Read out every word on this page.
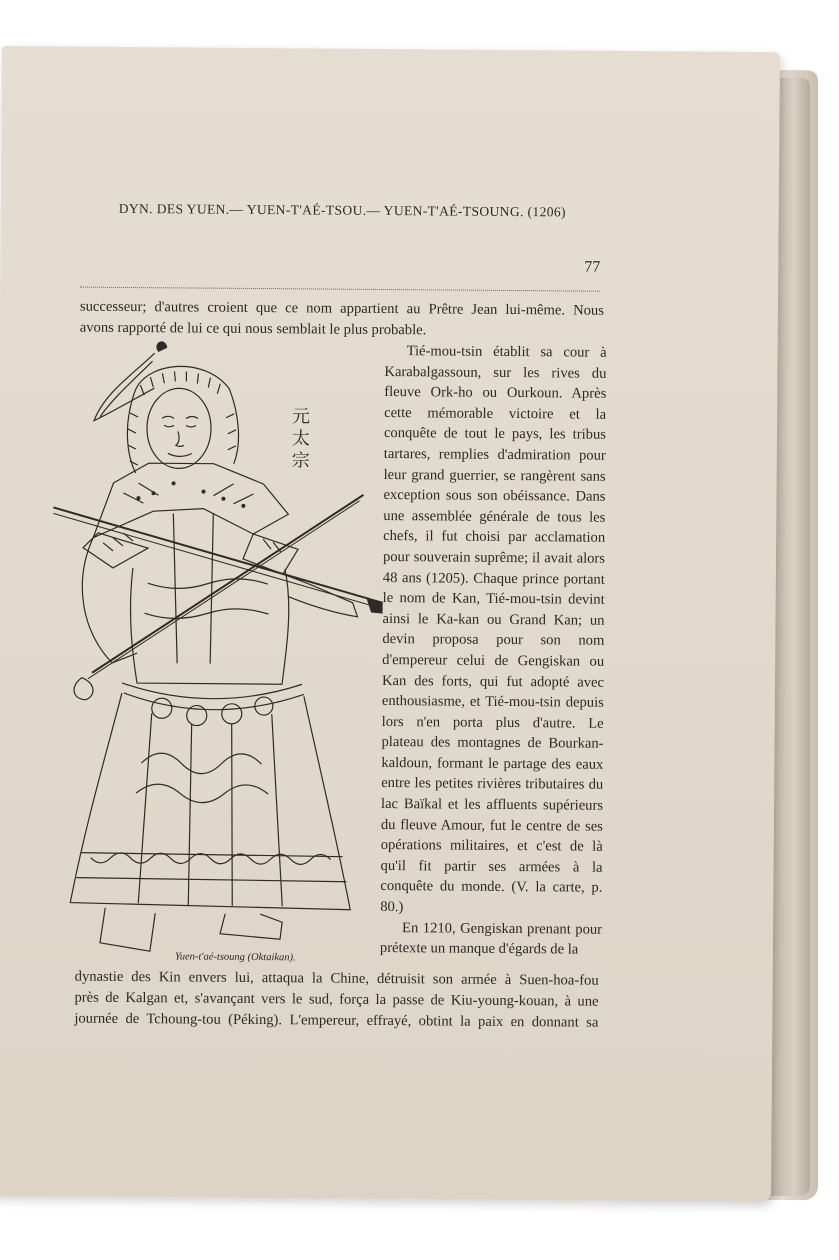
DYN. DES YUEN.— YUEN-T'AÉ-TSOU.— YUEN-T'AÉ-TSOUNG. (1206)
77
successeur; d'autres croient que ce nom appartient au Prêtre Jean lui-même. Nous
avons rapporté de lui ce qui nous semblait le plus probable.
元太宗
Yuen-t'aé-tsoung (Oktaikan).

Tié-mou-tsin établit sa cour à Karabalgassoun, sur les rives du fleuve Ork-ho ou Ourkoun. Après cette mémorable victoire et la conquête de tout le pays, les tribus tartares, remplies d'admiration pour leur grand guerrier, se rangèrent sans exception sous son obéissance. Dans une assemblée générale de tous les chefs, il fut choisi par acclamation pour souverain suprême; il avait alors 48 ans (1205). Chaque prince portant le nom de Kan, Tié-mou-tsin devint ainsi le Ka-kan ou Grand Kan; un devin proposa pour son nom d'empereur celui de Gengiskan ou Kan des forts, qui fut adopté avec enthousiasme, et Tié-mou-tsin depuis lors n'en porta plus d'autre. Le plateau des montagnes de Bourkan-kaldoun, formant le partage des eaux entre les petites rivières tributaires du lac Baïkal et les affluents supérieurs du fleuve Amour, fut le centre de ses opérations militaires, et c'est de là qu'il fit partir ses armées à la conquête du monde. (V. la carte, p. 80.)

En 1210, Gengiskan prenant pour prétexte un manque d'égards de la

dynastie des Kin envers lui, attaqua la Chine, détruisit son armée à Suen-hoa-fou
près de Kalgan et, s'avançant vers le sud, força la passe de Kiu-young-kouan, à une
journée de Tchoung-tou (Péking). L'empereur, effrayé, obtint la paix en donnant sa
